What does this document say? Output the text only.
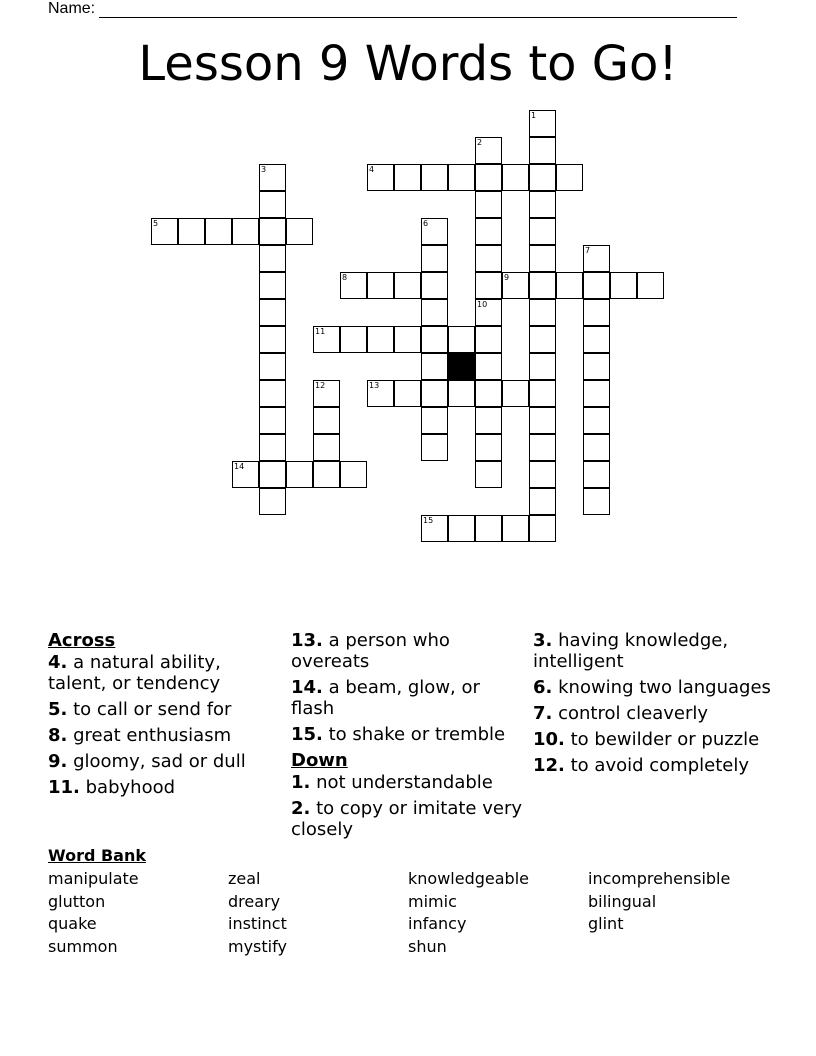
Name:
Lesson 9 Words to Go!
1
2
3	4
5	6
7
8	9
10
11
12	13
14
15
Across
4. a natural ability, talent, or tendency
5. to call or send for
8. great enthusiasm
9. gloomy, sad or dull
11. babyhood
13. a person who overeats
14. a beam, glow, or flash
15. to shake or tremble
Down
1. not understandable
2. to copy or imitate very closely
3. having knowledge, intelligent
6. knowing two languages
7. control cleaverly
10. to bewilder or puzzle
12. to avoid completely
Word Bank
manipulate
glutton
quake
summon
zeal
dreary
instinct
mystify
knowledgeable
mimic
infancy
shun
incomprehensible
bilingual
glint
